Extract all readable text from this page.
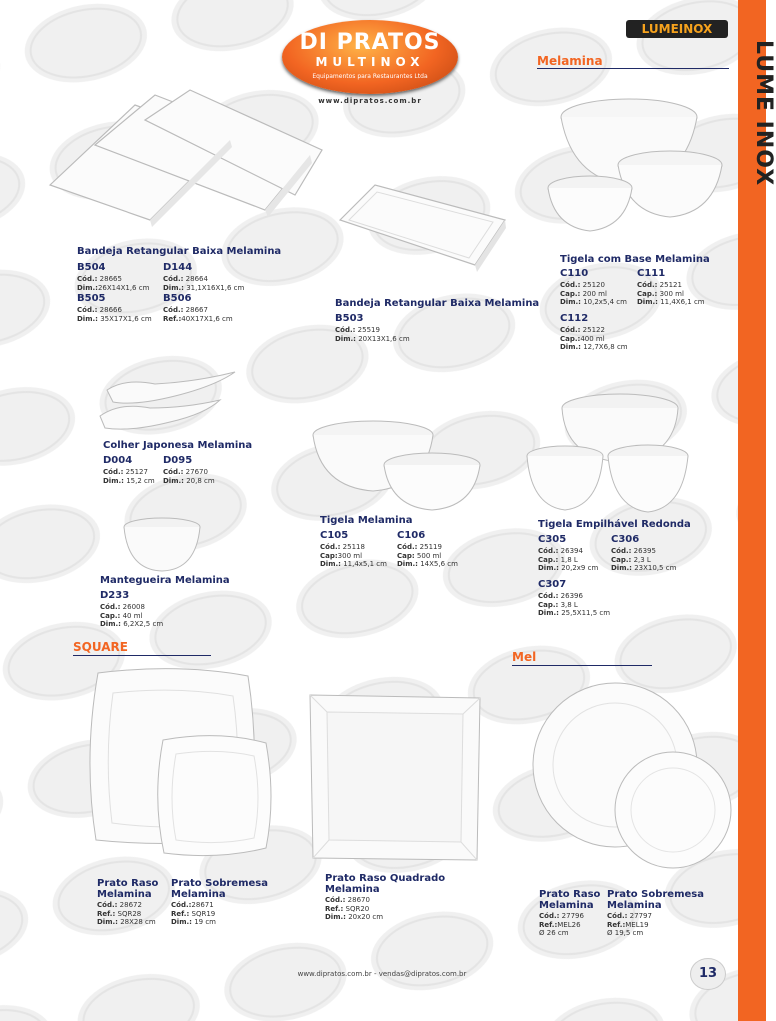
LUME INOX
LUMEINOX
DI PRATOS
MULTINOX
Equipamentos para Restaurantes Ltda
www.dipratos.com.br
Melamina
SQUARE
Mel
Bandeja Retangular Baixa Melamina
B504
Cód.: 28665
Dim.:26X14X1,6 cm
D144
Cód.: 28664
Dim.: 31,1X16X1,6 cm
B505
Cód.: 28666
Dim.: 35X17X1,6 cm
B506
Cód.: 28667
Ref.:40X17X1,6 cm
Bandeja Retangular Baixa Melamina
B503
Cód.: 25519
Dim.: 20X13X1,6 cm
Tigela com Base Melamina
C110
Cód.: 25120
Cap.: 200 ml
Dim.: 10,2x5,4 cm
C111
Cód.: 25121
Cap.: 300 ml
Dim.: 11,4X6,1 cm
C112
Cód.: 25122
Cap.:400 ml
Dim.: 12,7X6,8 cm
Colher Japonesa Melamina
D004
Cód.: 25127
Dim.: 15,2 cm
D095
Cód.: 27670
Dim.: 20,8 cm
Tigela Melamina
C105
Cód.: 25118
Cap:300 ml
Dim.: 11,4x5,1 cm
C106
Cód.: 25119
Cap: 500 ml
Dim.: 14X5,6 cm
Tigela Empilhável Redonda
C305
Cód.: 26394
Cap.: 1,8 L
Dim.: 20,2x9 cm
C306
Cód.: 26395
Cap.: 2,3 L
Dim.: 23X10,5 cm
C307
Cód.: 26396
Cap.: 3,8 L
Dim.: 25,5X11,5 cm
Mantegueira Melamina
D233
Cód.: 26008
Cap.: 40 ml
Dim.: 6,2X2,5 cm
Prato Raso
Melamina
Cód.: 28672
Ref.: SQR28
Dim.: 28X28 cm
Prato Sobremesa
Melamina
Cód.:28671
Ref.: SQR19
Dim.: 19 cm
Prato Raso Quadrado
Melamina
Cód.: 28670
Ref.: SQR20
Dim.: 20x20 cm
Prato Raso
Melamina
Cód.: 27796
Ref.:MEL26
Ø 26 cm
Prato Sobremesa
Melamina
Cód.: 27797
Ref.:MEL19
Ø 19,5 cm
www.dipratos.com.br - vendas@dipratos.com.br	13
